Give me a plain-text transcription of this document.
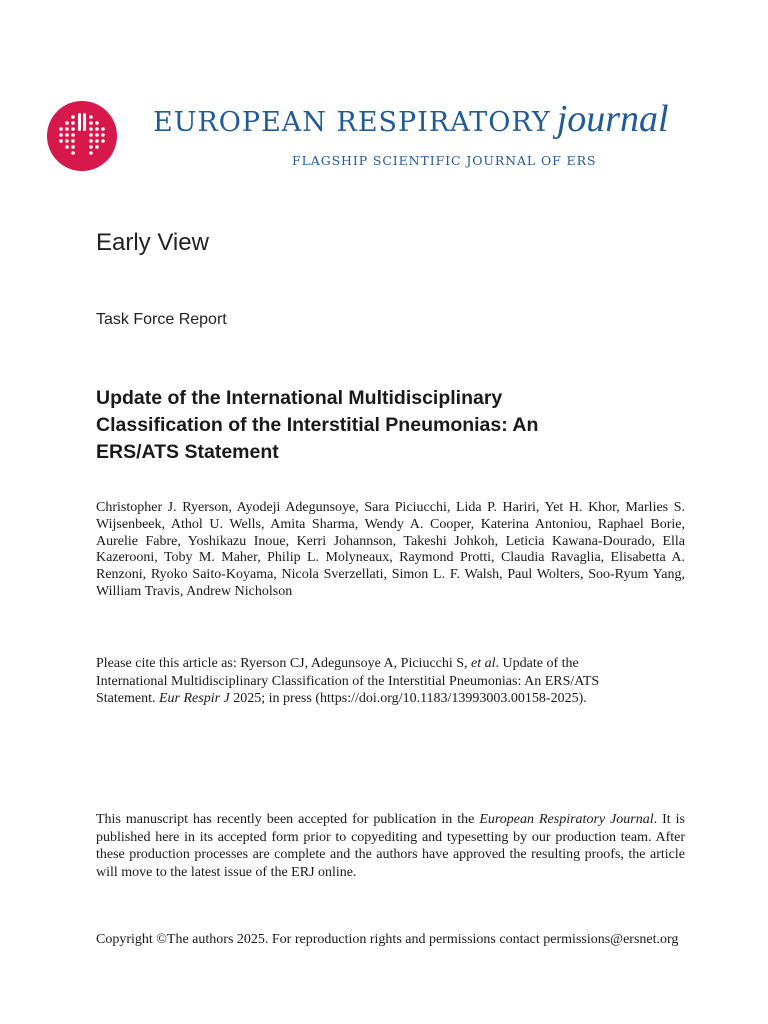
EUROPEAN RESPIRATORY journal
FLAGSHIP SCIENTIFIC JOURNAL OF ERS
Early View
Task Force Report
Update of the International Multidisciplinary Classification of the Interstitial Pneumonias: An ERS/ATS Statement
Christopher J. Ryerson, Ayodeji Adegunsoye, Sara Piciucchi, Lida P. Hariri, Yet H. Khor, Marlies S. Wijsenbeek, Athol U. Wells, Amita Sharma, Wendy A. Cooper, Katerina Antoniou, Raphael Borie, Aurelie Fabre, Yoshikazu Inoue, Kerri Johannson, Takeshi Johkoh, Leticia Kawana-Dourado, Ella Kazerooni, Toby M. Maher, Philip L. Molyneaux, Raymond Protti, Claudia Ravaglia, Elisabetta A. Renzoni, Ryoko Saito-Koyama, Nicola Sverzellati, Simon L. F. Walsh, Paul Wolters, Soo-Ryum Yang, William Travis, Andrew Nicholson
Please cite this article as: Ryerson CJ, Adegunsoye A, Piciucchi S, et al. Update of the International Multidisciplinary Classification of the Interstitial Pneumonias: An ERS/ATS Statement. Eur Respir J 2025; in press (https://doi.org/10.1183/13993003.00158-2025).
This manuscript has recently been accepted for publication in the European Respiratory Journal. It is published here in its accepted form prior to copyediting and typesetting by our production team. After these production processes are complete and the authors have approved the resulting proofs, the article will move to the latest issue of the ERJ online.
Copyright ©The authors 2025. For reproduction rights and permissions contact permissions@ersnet.org
